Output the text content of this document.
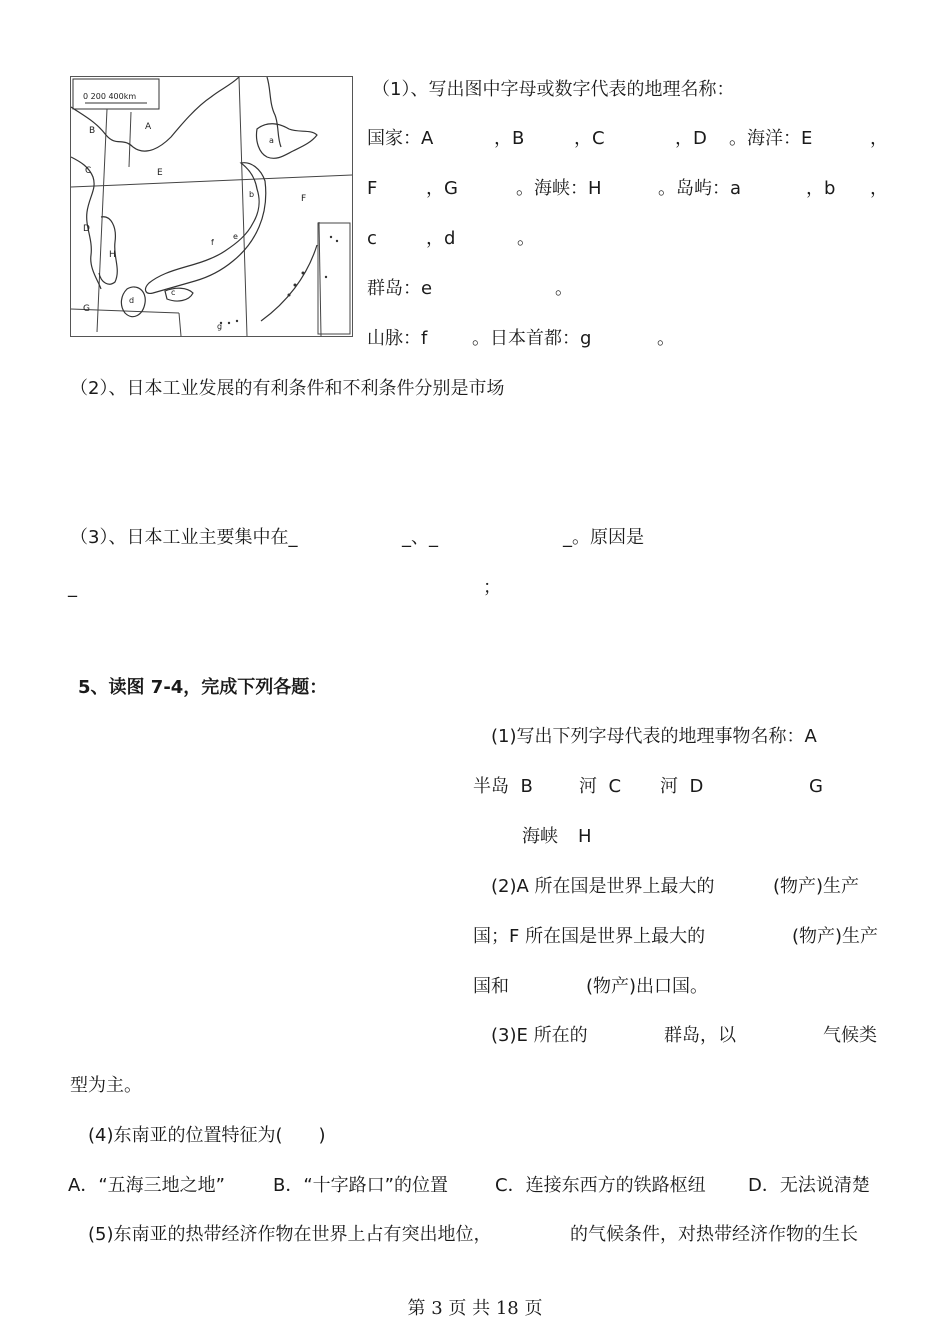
0 200 400km
A
B
C
D
E
F
G
H
a
b
c
d
e
f
g
（1）、写出图中字母或数字代表的地理名称：
国家：A	，B	，C	，D 。海洋：E	，
F	，G	。海峡：H	。岛屿：a	，b ，
c	，d	。
群岛：e	。
山脉：f 。日本首都：g	。
（2）、日本工业发展的有利条件和不利条件分别是市场
（3）、日本工业主要集中在_	_、_	_。原因是
_	；
5、读图 7-4，完成下列各题：
(1)写出下列字母代表的地理事物名称：A
半岛  B	河  C 河  D	G
海峡 H
(2)A 所在国是世界上最大的	(物产)生产
国；F 所在国是世界上最大的	(物产)生产
国和	(物产)出口国。
(3)E 所在的	群岛，以	气候类
型为主。
(4)东南亚的位置特征为(　　)
A．“五海三地之地”	B．“十字路口”的位置	C．连接东西方的铁路枢纽 D．无法说清楚
(5)东南亚的热带经济作物在世界上占有突出地位，	的气候条件，对热带经济作物的生长
第 3 页 共 18 页
